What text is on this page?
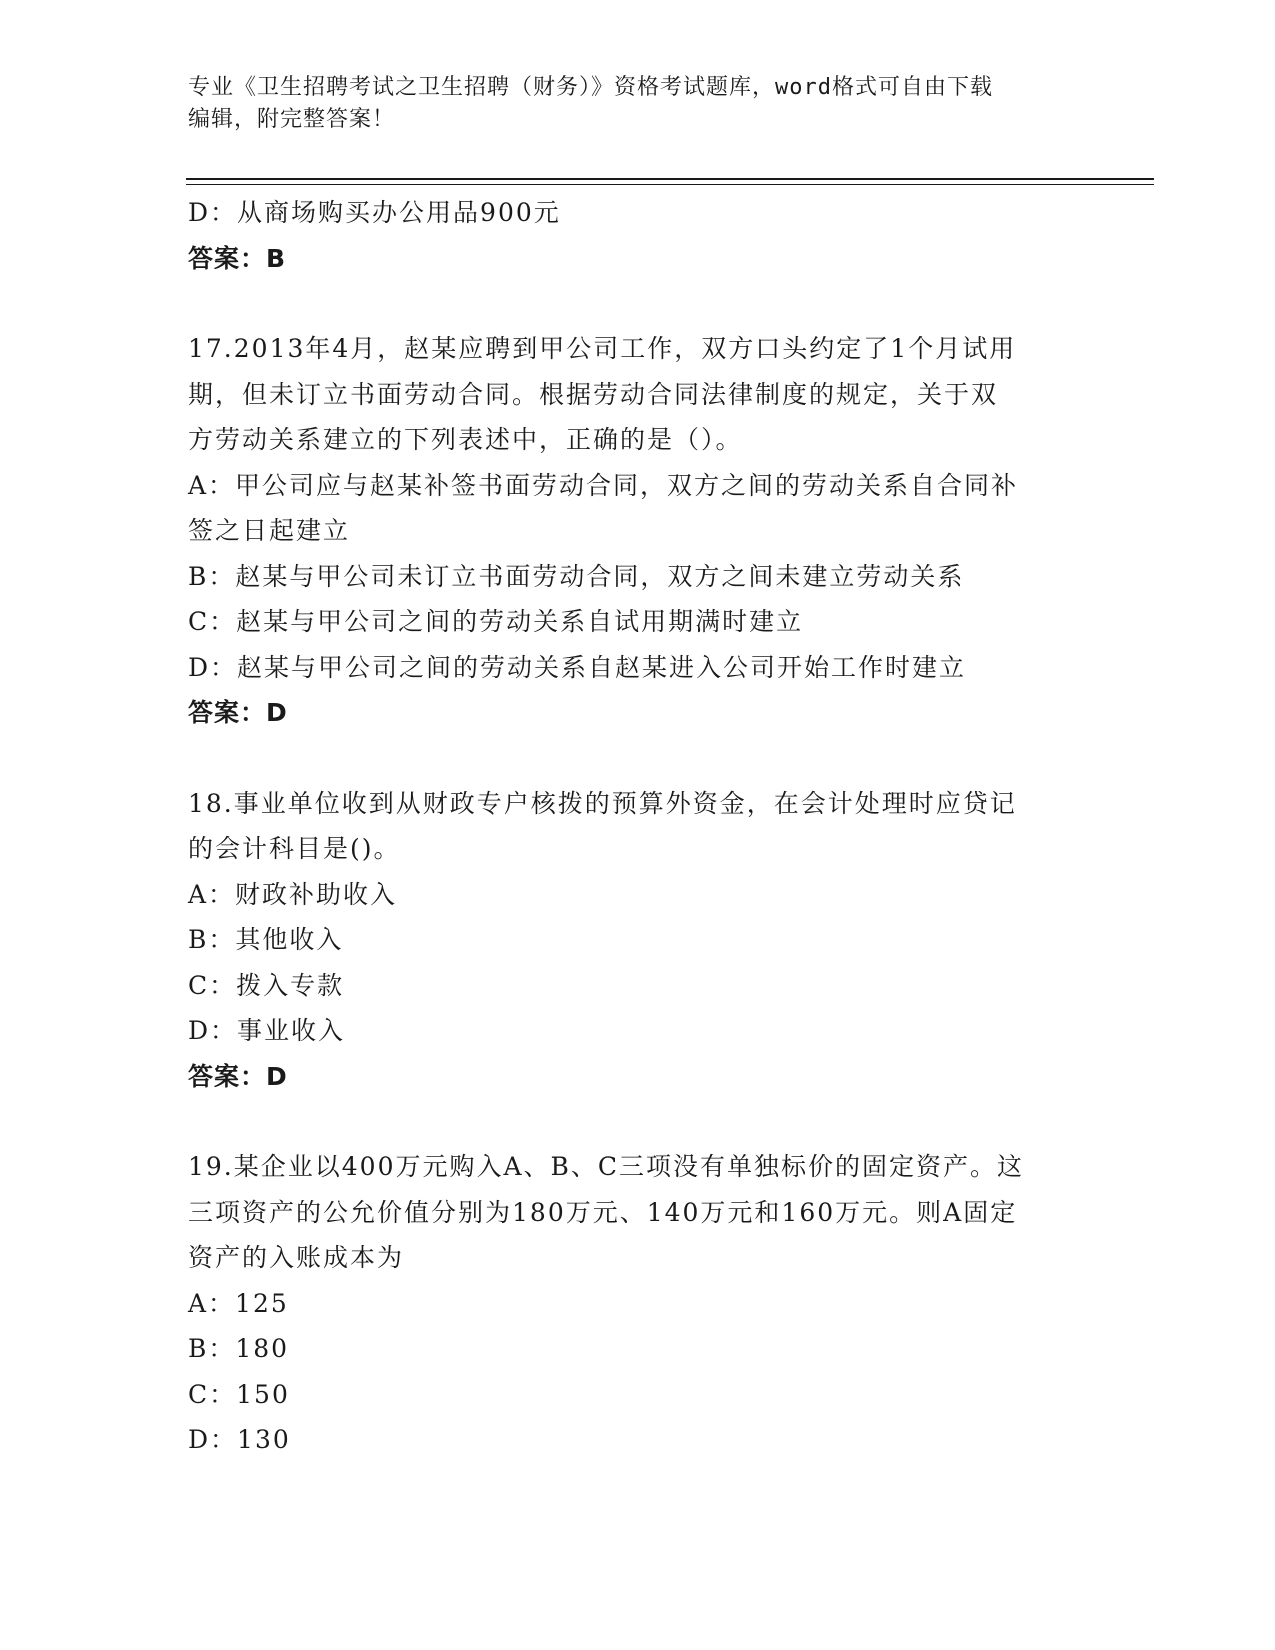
专业《卫生招聘考试之卫生招聘（财务）》资格考试题库，word格式可自由下载
编辑，附完整答案！
D：从商场购买办公用品900元
答案：B
17.2013年4月，赵某应聘到甲公司工作，双方口头约定了1个月试用
期，但未订立书面劳动合同。根据劳动合同法律制度的规定，关于双
方劳动关系建立的下列表述中，正确的是（）。
A：甲公司应与赵某补签书面劳动合同，双方之间的劳动关系自合同补
签之日起建立
B：赵某与甲公司未订立书面劳动合同，双方之间未建立劳动关系
C：赵某与甲公司之间的劳动关系自试用期满时建立
D：赵某与甲公司之间的劳动关系自赵某进入公司开始工作时建立
答案：D
18.事业单位收到从财政专户核拨的预算外资金，在会计处理时应贷记
的会计科目是()。
A：财政补助收入
B：其他收入
C：拨入专款
D：事业收入
答案：D
19.某企业以400万元购入A、B、C三项没有单独标价的固定资产。这
三项资产的公允价值分别为180万元、140万元和160万元。则A固定
资产的入账成本为
A：125
B：180
C：150
D：130
